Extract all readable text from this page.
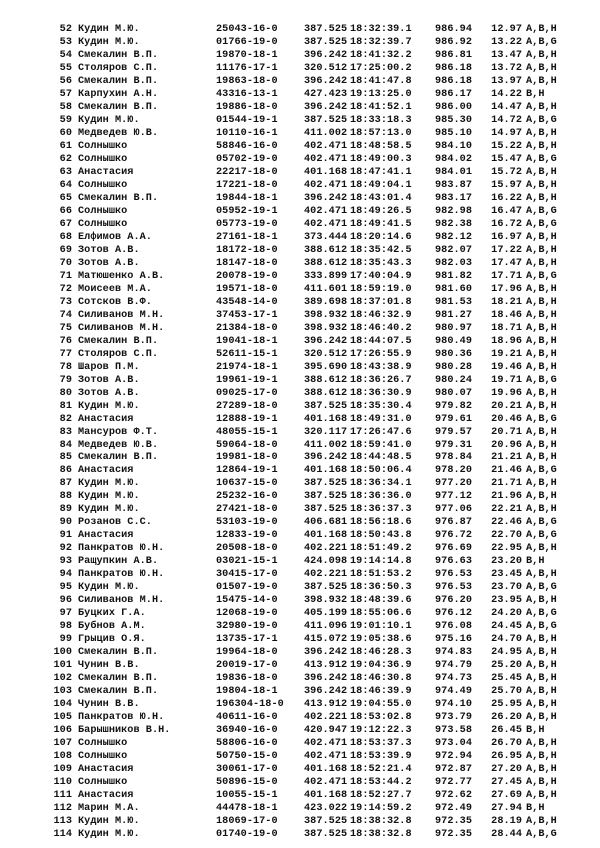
52 Кудин М.Ю.	25043-16-0	387.525 18:32:39.1 986.94	12.97 A,B,H
53 Кудин М.Ю.	01766-19-0	387.525 18:32:39.7 986.92	13.22 A,B,G
54 Смекалин В.П.	19870-18-1	396.242 18:41:32.2 986.81	13.47 A,B,H
55 Столяров С.П.	11176-17-1	320.512 17:25:00.2 986.18	13.72 A,B,H
56 Смекалин В.П.	19863-18-0	396.242 18:41:47.8 986.18	13.97 A,B,H
57 Карпухин А.Н.	43316-13-1	427.423 19:13:25.0 986.17	14.22 B,H
58 Смекалин В.П.	19886-18-0	396.242 18:41:52.1 986.00	14.47 A,B,H
59 Кудин М.Ю.	01544-19-1	387.525 18:33:18.3 985.30	14.72 A,B,G
60 Медведев Ю.В.	10110-16-1	411.002 18:57:13.0 985.10	14.97 A,B,H
61 Солнышко	58846-16-0	402.471 18:48:58.5 984.10	15.22 A,B,H
62 Солнышко	05702-19-0	402.471 18:49:00.3 984.02	15.47 A,B,G
63 Анастасия	22217-18-0	401.168 18:47:41.1 984.01	15.72 A,B,H
64 Солнышко	17221-18-0	402.471 18:49:04.1 983.87	15.97 A,B,H
65 Смекалин В.П.	19844-18-1	396.242 18:43:01.4 983.17	16.22 A,B,H
66 Солнышко	05952-19-1	402.471 18:49:26.5 982.98	16.47 A,B,G
67 Солнышко	05773-19-0	402.471 18:49:41.5 982.38	16.72 A,B,G
68 Елфимов А.А.	27161-18-1	373.444 18:20:14.6 982.12	16.97 A,B,H
69 Зотов А.В.	18172-18-0	388.612 18:35:42.5 982.07	17.22 A,B,H
70 Зотов А.В.	18147-18-0	388.612 18:35:43.3 982.03	17.47 A,B,H
71 Матюшенко А.В.	20078-19-0	333.899 17:40:04.9 981.82	17.71 A,B,G
72 Моисеев М.А.	19571-18-0	411.601 18:59:19.0 981.60	17.96 A,B,H
73 Сотсков В.Ф.	43548-14-0	389.698 18:37:01.8 981.53	18.21 A,B,H
74 Силиванов М.Н.	37453-17-1	398.932 18:46:32.9 981.27	18.46 A,B,H
75 Силиванов М.Н.	21384-18-0	398.932 18:46:40.2 980.97	18.71 A,B,H
76 Смекалин В.П.	19041-18-1	396.242 18:44:07.5 980.49	18.96 A,B,H
77 Столяров С.П.	52611-15-1	320.512 17:26:55.9 980.36	19.21 A,B,H
78 Шаров П.М.	21974-18-1	395.690 18:43:38.9 980.28	19.46 A,B,H
79 Зотов А.В.	19961-19-1	388.612 18:36:26.7 980.24	19.71 A,B,G
80 Зотов А.В.	09025-17-0	388.612 18:36:30.9 980.07	19.96 A,B,H
81 Кудин М.Ю.	27289-18-0	387.525 18:35:30.4 979.82	20.21 A,B,H
82 Анастасия	12888-19-1	401.168 18:49:31.0 979.61	20.46 A,B,G
83 Мансуров Ф.Т.	48055-15-1	320.117 17:26:47.6 979.57	20.71 A,B,H
84 Медведев Ю.В.	59064-18-0	411.002 18:59:41.0 979.31	20.96 A,B,H
85 Смекалин В.П.	19981-18-0	396.242 18:44:48.5 978.84	21.21 A,B,H
86 Анастасия	12864-19-1	401.168 18:50:06.4 978.20	21.46 A,B,G
87 Кудин М.Ю.	10637-15-0	387.525 18:36:34.1 977.20	21.71 A,B,H
88 Кудин М.Ю.	25232-16-0	387.525 18:36:36.0 977.12	21.96 A,B,H
89 Кудин М.Ю.	27421-18-0	387.525 18:36:37.3 977.06	22.21 A,B,H
90 Розанов С.С.	53103-19-0	406.681 18:56:18.6 976.87	22.46 A,B,G
91 Анастасия	12833-19-0	401.168 18:50:43.8 976.72	22.70 A,B,G
92 Панкратов Ю.Н.	20508-18-0	402.221 18:51:49.2 976.69	22.95 A,B,H
93 Ращупкин А.В.	03021-15-1	424.098 19:14:14.8 976.63	23.20 B,H
94 Панкратов Ю.Н.	30415-17-0	402.221 18:51:53.2 976.53	23.45 A,B,H
95 Кудин М.Ю.	01507-19-0	387.525 18:36:50.3 976.53	23.70 A,B,G
96 Силиванов М.Н.	15475-14-0	398.932 18:48:39.6 976.20	23.95 A,B,H
97 Буцких Г.А.	12068-19-0	405.199 18:55:06.6 976.12	24.20 A,B,G
98 Бубнов А.М.	32980-19-0	411.096 19:01:10.1 976.08	24.45 A,B,G
99 Грыцив О.Я.	13735-17-1	415.072 19:05:38.6 975.16	24.70 A,B,H
100 Смекалин В.П.	19964-18-0	396.242 18:46:28.3 974.83	24.95 A,B,H
101 Чунин В.В.	20019-17-0	413.912 19:04:36.9 974.79	25.20 A,B,H
102 Смекалин В.П.	19836-18-0	396.242 18:46:30.8 974.73	25.45 A,B,H
103 Смекалин В.П.	19804-18-1	396.242 18:46:39.9 974.49	25.70 A,B,H
104 Чунин В.В.	196304-18-0 413.912 19:04:55.0 974.10	25.95 A,B,H
105 Панкратов Ю.Н.	40611-16-0	402.221 18:53:02.8 973.79	26.20 A,B,H
106 Барышников В.Н.	36940-16-0	420.947 19:12:22.3 973.58	26.45 B,H
107 Солнышко	58806-16-0	402.471 18:53:37.3 973.04	26.70 A,B,H
108 Солнышко	50750-15-0	402.471 18:53:39.9 972.94	26.95 A,B,H
109 Анастасия	30061-17-0	401.168 18:52:21.4 972.87	27.20 A,B,H
110 Солнышко	50896-15-0	402.471 18:53:44.2 972.77	27.45 A,B,H
111 Анастасия	10055-15-1	401.168 18:52:27.7 972.62	27.69 A,B,H
112 Марин М.А.	44478-18-1	423.022 19:14:59.2 972.49	27.94 B,H
113 Кудин М.Ю.	18069-17-0	387.525 18:38:32.8 972.35	28.19 A,B,H
114 Кудин М.Ю.	01740-19-0	387.525 18:38:32.8 972.35	28.44 A,B,G
